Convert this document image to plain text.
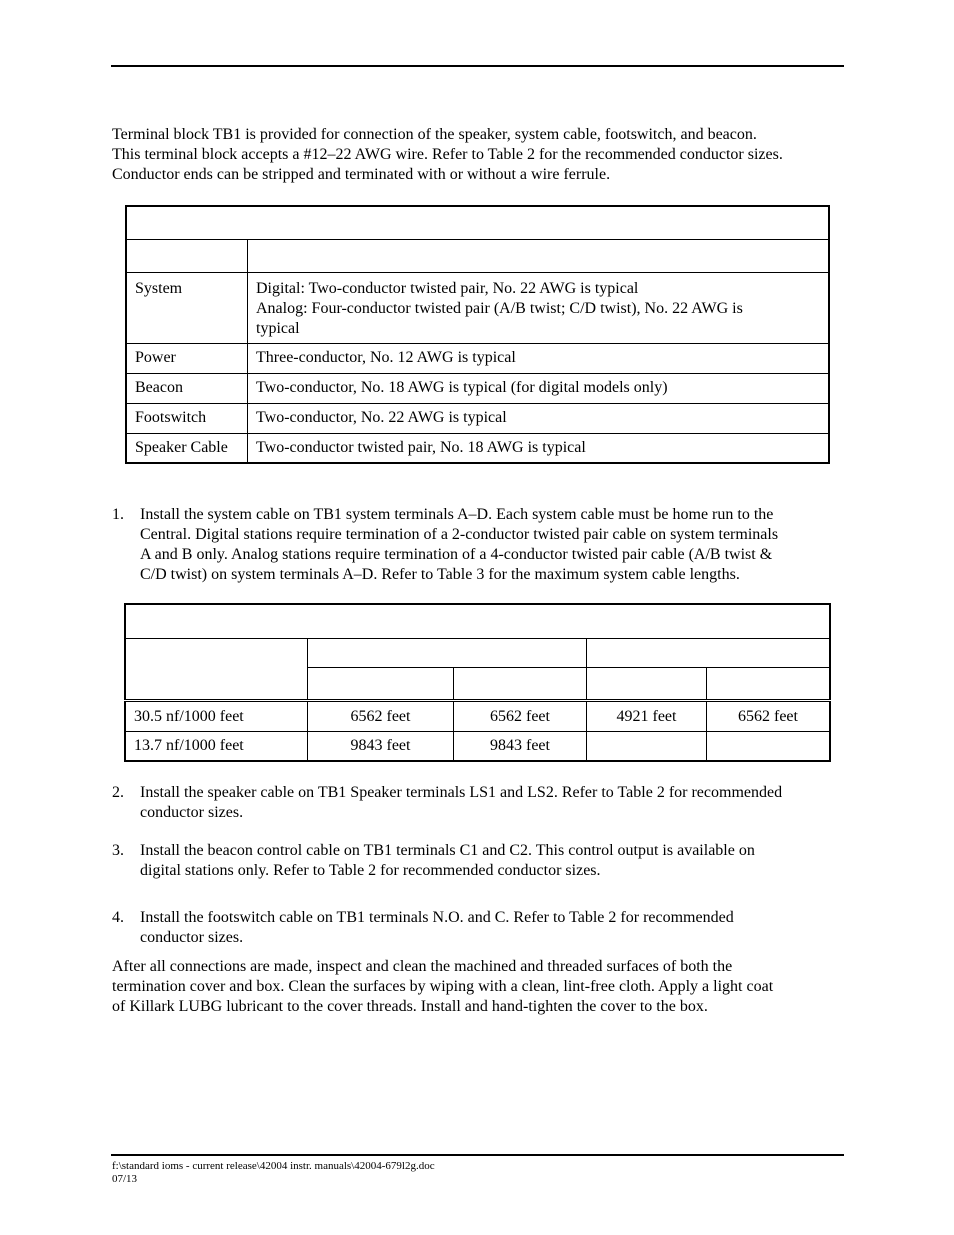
Terminal block TB1 is provided for connection of the speaker, system cable, footswitch, and beacon.
This terminal block accepts a #12–22 AWG wire. Refer to Table 2 for the recommended conductor sizes.
Conductor ends can be stripped and terminated with or without a wire ferrule.

System	Digital: Two-conductor twisted pair, No. 22 AWG is typical
Analog: Four-conductor twisted pair (A/B twist; C/D twist), No. 22 AWG is
typical

Power	Three-conductor, No. 12 AWG is typical
Beacon	Two-conductor, No. 18 AWG is typical (for digital models only)
Footswitch	Two-conductor, No. 22 AWG is typical
Speaker Cable	Two-conductor twisted pair, No. 18 AWG is typical
1. Install the system cable on TB1 system terminals A–D. Each system cable must be home run to the
Central. Digital stations require termination of a 2-conductor twisted pair cable on system terminals
A and B only. Analog stations require termination of a 4-conductor twisted pair cable (A/B twist &
C/D twist) on system terminals A–D. Refer to Table 3 for the maximum system cable lengths.

30.5 nf/1000 feet	6562 feet	6562 feet	4921 feet	6562 feet
13.7 nf/1000 feet	9843 feet	9843 feet		
2. Install the speaker cable on TB1 Speaker terminals LS1 and LS2. Refer to Table 2 for recommended
conductor sizes.
3. Install the beacon control cable on TB1 terminals C1 and C2. This control output is available on
digital stations only. Refer to Table 2 for recommended conductor sizes.
4. Install the footswitch cable on TB1 terminals N.O. and C. Refer to Table 2 for recommended
conductor sizes.
After all connections are made, inspect and clean the machined and threaded surfaces of both the
termination cover and box. Clean the surfaces by wiping with a clean, lint-free cloth. Apply a light coat
of Killark LUBG lubricant to the cover threads. Install and hand-tighten the cover to the box.
f:\standard ioms - current release\42004 instr. manuals\42004-679l2g.doc
07/13
